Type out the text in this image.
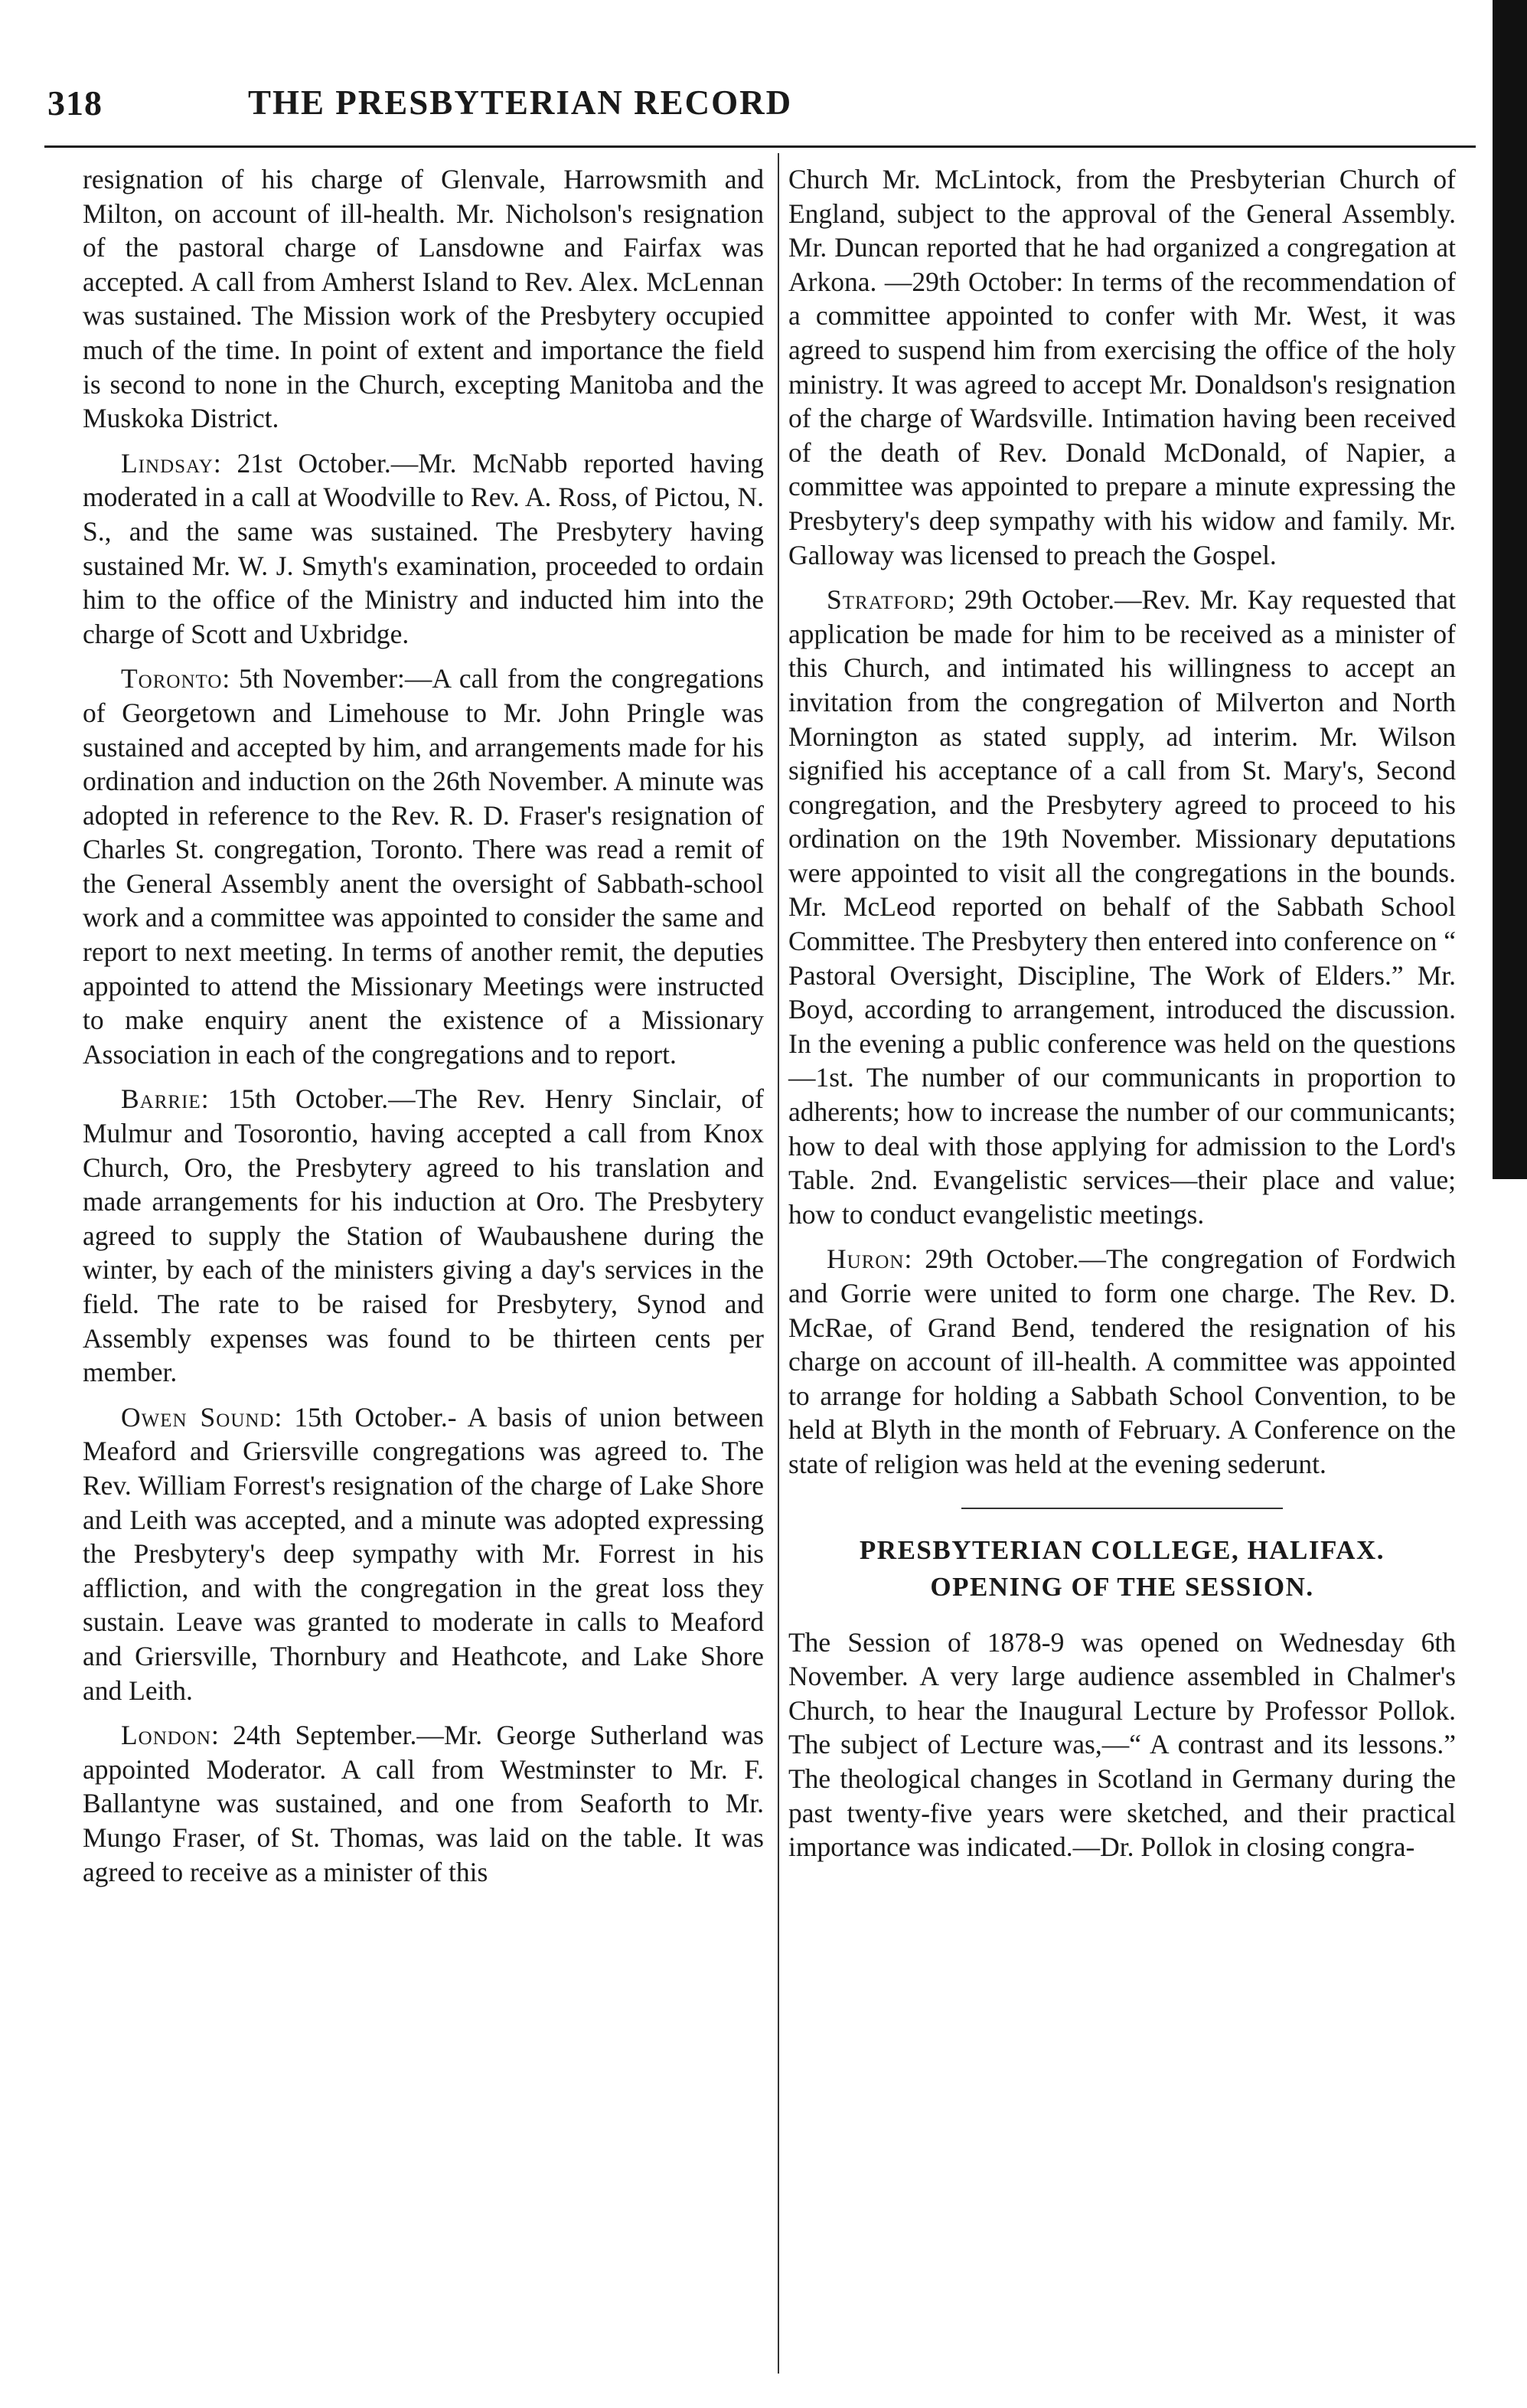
318	THE PRESBYTERIAN RECORD

resignation of his charge of Glenvale, Harrowsmith and Milton, on account of ill-health. Mr. Nicholson's resignation of the pastoral charge of Lansdowne and Fairfax was accepted. A call from Amherst Island to Rev. Alex. McLennan was sustained. The Mission work of the Presbytery occupied much of the time. In point of extent and importance the field is second to none in the Church, excepting Manitoba and the Muskoka District.

Lindsay: 21st October.—Mr. McNabb reported having moderated in a call at Woodville to Rev. A. Ross, of Pictou, N. S., and the same was sustained. The Presbytery having sustained Mr. W. J. Smyth's examination, proceeded to ordain him to the office of the Ministry and inducted him into the charge of Scott and Uxbridge.

Toronto: 5th November:—A call from the congregations of Georgetown and Limehouse to Mr. John Pringle was sustained and accepted by him, and arrangements made for his ordination and induction on the 26th November. A minute was adopted in reference to the Rev. R. D. Fraser's resignation of Charles St. congregation, Toronto. There was read a remit of the General Assembly anent the oversight of Sabbath-school work and a committee was appointed to consider the same and report to next meeting. In terms of another remit, the deputies appointed to attend the Missionary Meetings were instructed to make enquiry anent the existence of a Missionary Association in each of the congregations and to report.

Barrie: 15th October.—The Rev. Henry Sinclair, of Mulmur and Tosorontio, having accepted a call from Knox Church, Oro, the Presbytery agreed to his translation and made arrangements for his induction at Oro. The Presbytery agreed to supply the Station of Waubaushene during the winter, by each of the ministers giving a day's services in the field. The rate to be raised for Presbytery, Synod and Assembly expenses was found to be thirteen cents per member.

Owen Sound: 15th October.- A basis of union between Meaford and Griersville congregations was agreed to. The Rev. William Forrest's resignation of the charge of Lake Shore and Leith was accepted, and a minute was adopted expressing the Presbytery's deep sympathy with Mr. Forrest in his affliction, and with the congregation in the great loss they sustain. Leave was granted to moderate in calls to Meaford and Griersville, Thornbury and Heathcote, and Lake Shore and Leith.

London: 24th September.—Mr. George Sutherland was appointed Moderator. A call from Westminster to Mr. F. Ballantyne was sustained, and one from Seaforth to Mr. Mungo Fraser, of St. Thomas, was laid on the table. It was agreed to receive as a minister of this

Church Mr. McLintock, from the Presbyterian Church of England, subject to the approval of the General Assembly. Mr. Duncan reported that he had organized a congregation at Arkona. —29th October: In terms of the recommendation of a committee appointed to confer with Mr. West, it was agreed to suspend him from exercising the office of the holy ministry. It was agreed to accept Mr. Donaldson's resignation of the charge of Wardsville. Intimation having been received of the death of Rev. Donald McDonald, of Napier, a committee was appointed to prepare a minute expressing the Presbytery's deep sympathy with his widow and family. Mr. Galloway was licensed to preach the Gospel.

Stratford; 29th October.—Rev. Mr. Kay requested that application be made for him to be received as a minister of this Church, and intimated his willingness to accept an invitation from the congregation of Milverton and North Mornington as stated supply, ad interim. Mr. Wilson signified his acceptance of a call from St. Mary's, Second congregation, and the Presbytery agreed to proceed to his ordination on the 19th November. Missionary deputations were appointed to visit all the congregations in the bounds. Mr. McLeod reported on behalf of the Sabbath School Committee. The Presbytery then entered into conference on “ Pastoral Oversight, Discipline, The Work of Elders.” Mr. Boyd, according to arrangement, introduced the discussion. In the evening a public conference was held on the questions—1st. The number of our communicants in proportion to adherents; how to increase the number of our communicants; how to deal with those applying for admission to the Lord's Table. 2nd. Evangelistic services—their place and value; how to conduct evangelistic meetings.

Huron: 29th October.—The congregation of Fordwich and Gorrie were united to form one charge. The Rev. D. McRae, of Grand Bend, tendered the resignation of his charge on account of ill-health. A committee was appointed to arrange for holding a Sabbath School Convention, to be held at Blyth in the month of February. A Conference on the state of religion was held at the evening sederunt.

PRESBYTERIAN COLLEGE, HALIFAX.
OPENING OF THE SESSION.

The Session of 1878-9 was opened on Wednesday 6th November. A very large audience assembled in Chalmer's Church, to hear the Inaugural Lecture by Professor Pollok. The subject of Lecture was,—“ A contrast and its lessons.” The theological changes in Scotland in Germany during the past twenty-five years were sketched, and their practical importance was indicated.—Dr. Pollok in closing congra-
